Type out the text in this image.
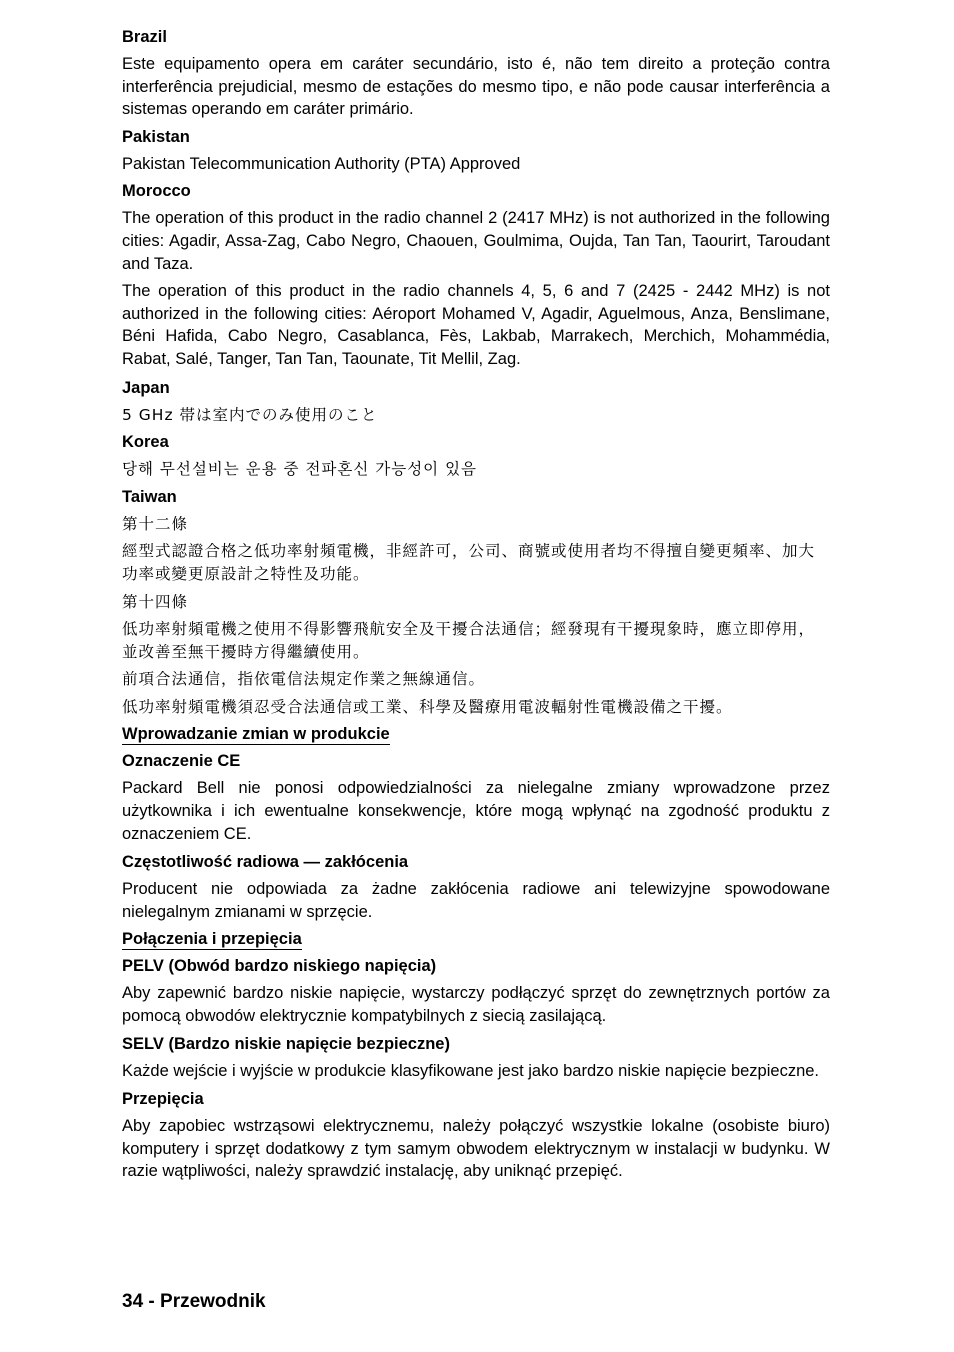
Brazil
Este equipamento opera em caráter secundário, isto é, não tem direito a proteção contra interferência prejudicial, mesmo de estações do mesmo tipo, e não pode causar interferência a sistemas operando em caráter primário.
Pakistan
Pakistan Telecommunication Authority (PTA) Approved
Morocco
The operation of this product in the radio channel 2 (2417 MHz) is not authorized in the following cities: Agadir, Assa-Zag, Cabo Negro, Chaouen, Goulmima, Oujda, Tan Tan, Taourirt, Taroudant and Taza.
The operation of this product in the radio channels 4, 5, 6 and 7 (2425 - 2442 MHz) is not authorized in the following cities: Aéroport Mohamed V, Agadir, Aguelmous, Anza, Benslimane, Béni Hafida, Cabo Negro, Casablanca, Fès, Lakbab, Marrakech, Merchich, Mohammédia, Rabat, Salé, Tanger, Tan Tan, Taounate, Tit Mellil, Zag.
Japan
5 GHz 帯は室内でのみ使用のこと
Korea
당해 무선설비는 운용 중 전파혼신 가능성이 있음
Taiwan
第十二條
經型式認證合格之低功率射頻電機，非經許可，公司、商號或使用者均不得擅自變更頻率、加大功率或變更原設計之特性及功能。
第十四條
低功率射頻電機之使用不得影響飛航安全及干擾合法通信；經發現有干擾現象時，應立即停用，並改善至無干擾時方得繼續使用。
前項合法通信，指依電信法規定作業之無線通信。
低功率射頻電機須忍受合法通信或工業、科學及醫療用電波輻射性電機設備之干擾。
Wprowadzanie zmian w produkcie
Oznaczenie CE
Packard Bell nie ponosi odpowiedzialności za nielegalne zmiany wprowadzone przez użytkownika i ich ewentualne konsekwencje, które mogą wpłynąć na zgodność produktu z oznaczeniem CE.
Częstotliwość radiowa — zakłócenia
Producent nie odpowiada za żadne zakłócenia radiowe ani telewizyjne spowodowane nielegalnym zmianami w sprzęcie.
Połączenia i przepięcia
PELV (Obwód bardzo niskiego napięcia)
Aby zapewnić bardzo niskie napięcie, wystarczy podłączyć sprzęt do zewnętrznych portów za pomocą obwodów elektrycznie kompatybilnych z siecią zasilającą.
SELV (Bardzo niskie napięcie bezpieczne)
Każde wejście i wyjście w produkcie klasyfikowane jest jako bardzo niskie napięcie bezpieczne.
Przepięcia
Aby zapobiec wstrząsowi elektrycznemu, należy połączyć wszystkie lokalne (osobiste biuro) komputery i sprzęt dodatkowy z tym samym obwodem elektrycznym w instalacji w budynku. W razie wątpliwości, należy sprawdzić instalację, aby uniknąć przepięć.
34 - Przewodnik
